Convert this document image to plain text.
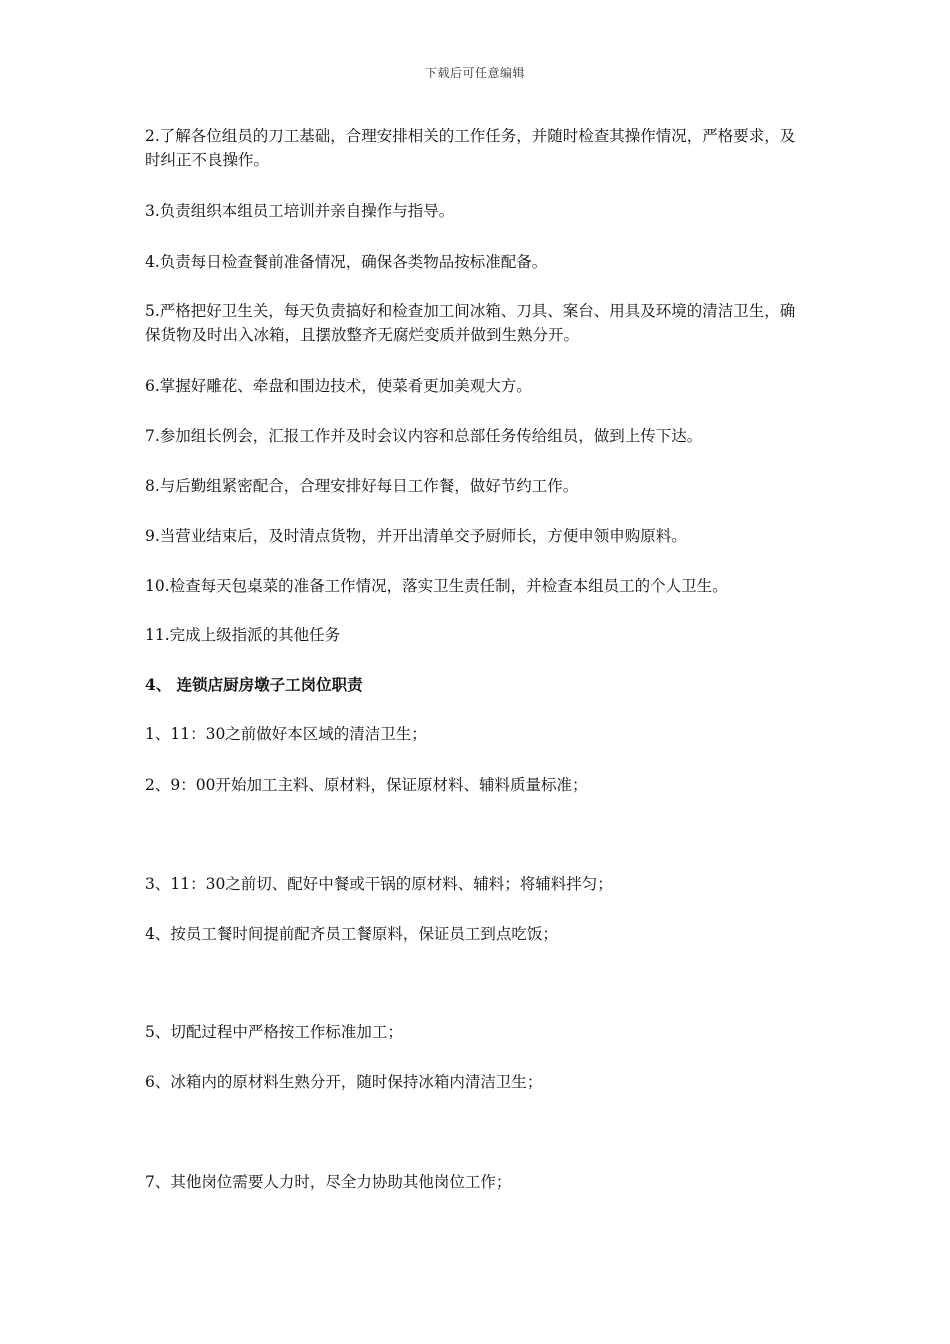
下载后可任意编辑
2.了解各位组员的刀工基础，合理安排相关的工作任务，并随时检查其操作情况，严格要求，及时纠正不良操作。
3.负责组织本组员工培训并亲自操作与指导。
4.负责每日检查餐前准备情况，确保各类物品按标准配备。
5.严格把好卫生关，每天负责搞好和检查加工间冰箱、刀具、案台、用具及环境的清洁卫生，确保货物及时出入冰箱，且摆放整齐无腐烂变质并做到生熟分开。
6.掌握好雕花、牵盘和围边技术，使菜肴更加美观大方。
7.参加组长例会，汇报工作并及时会议内容和总部任务传给组员，做到上传下达。
8.与后勤组紧密配合，合理安排好每日工作餐，做好节约工作。
9.当营业结束后，及时清点货物，并开出清单交予厨师长，方便申领申购原料。
10.检查每天包桌菜的准备工作情况，落实卫生责任制，并检查本组员工的个人卫生。
11.完成上级指派的其他任务
4、 连锁店厨房墩子工岗位职责
1、11：30之前做好本区域的清洁卫生；
2、9：00开始加工主料、原材料，保证原材料、辅料质量标准；
3、11：30之前切、配好中餐或干锅的原材料、辅料；将辅料拌匀；
4、按员工餐时间提前配齐员工餐原料，保证员工到点吃饭；
5、切配过程中严格按工作标准加工；
6、冰箱内的原材料生熟分开，随时保持冰箱内清洁卫生；
7、其他岗位需要人力时，尽全力协助其他岗位工作；
